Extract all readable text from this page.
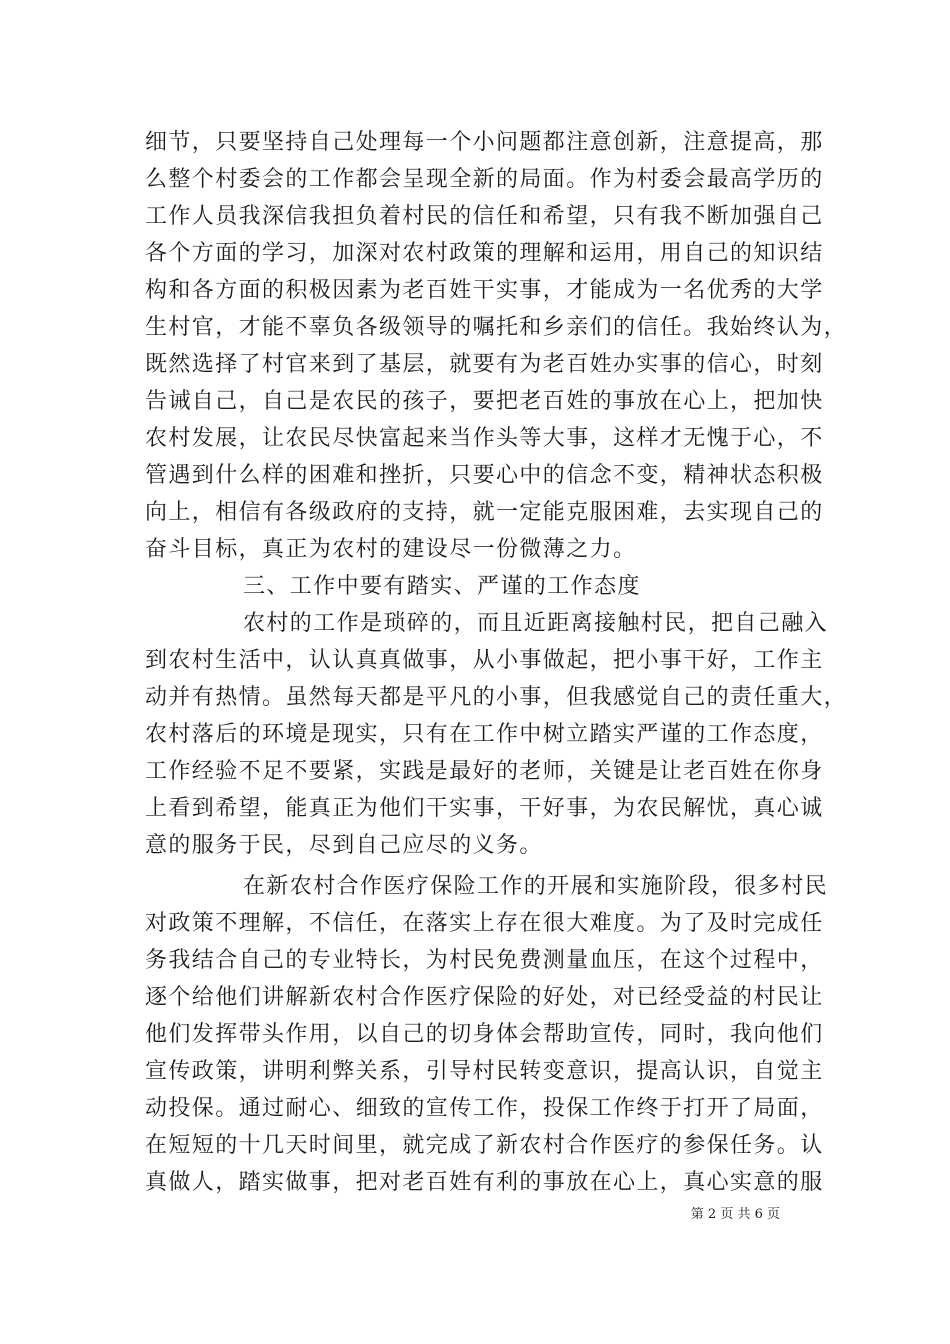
细节，只要坚持自己处理每一个小问题都注意创新，注意提高，那
么整个村委会的工作都会呈现全新的局面。作为村委会最高学历的
工作人员我深信我担负着村民的信任和希望，只有我不断加强自己
各个方面的学习，加深对农村政策的理解和运用，用自己的知识结
构和各方面的积极因素为老百姓干实事，才能成为一名优秀的大学
生村官，才能不辜负各级领导的嘱托和乡亲们的信任。我始终认为，
既然选择了村官来到了基层，就要有为老百姓办实事的信心，时刻
告诫自己，自己是农民的孩子，要把老百姓的事放在心上，把加快
农村发展，让农民尽快富起来当作头等大事，这样才无愧于心，不
管遇到什么样的困难和挫折，只要心中的信念不变，精神状态积极
向上，相信有各级政府的支持，就一定能克服困难，去实现自己的
奋斗目标，真正为农村的建设尽一份微薄之力。
三、工作中要有踏实、严谨的工作态度
农村的工作是琐碎的，而且近距离接触村民，把自己融入
到农村生活中，认认真真做事，从小事做起，把小事干好，工作主
动并有热情。虽然每天都是平凡的小事，但我感觉自己的责任重大，
农村落后的环境是现实，只有在工作中树立踏实严谨的工作态度，
工作经验不足不要紧，实践是最好的老师，关键是让老百姓在你身
上看到希望，能真正为他们干实事，干好事，为农民解忧，真心诚
意的服务于民，尽到自己应尽的义务。
在新农村合作医疗保险工作的开展和实施阶段，很多村民
对政策不理解，不信任，在落实上存在很大难度。为了及时完成任
务我结合自己的专业特长，为村民免费测量血压，在这个过程中，
逐个给他们讲解新农村合作医疗保险的好处，对已经受益的村民让
他们发挥带头作用，以自己的切身体会帮助宣传，同时，我向他们
宣传政策，讲明利弊关系，引导村民转变意识，提高认识，自觉主
动投保。通过耐心、细致的宣传工作，投保工作终于打开了局面，
在短短的十几天时间里，就完成了新农村合作医疗的参保任务。认
真做人，踏实做事，把对老百姓有利的事放在心上，真心实意的服
第 2 页 共 6 页
